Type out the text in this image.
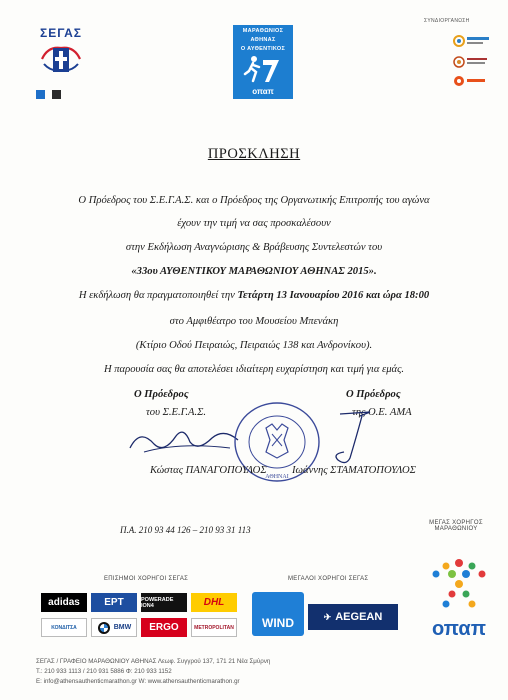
ΣΕΓΑΣ	ΜΑΡΑΘΩΝΙΟΣ
ΑΘΗΝΑΣ
Ο ΑΥΘΕΝΤΙΚΟΣ
οπαπ
ΣΥΝΔΙΟΡΓΑΝΩΣΗ
ΠΡΟΣΚΛΗΣΗ
Ο Πρόεδρος του Σ.Ε.Γ.Α.Σ. και ο Πρόεδρος της Οργανωτικής Επιτροπής του αγώνα
έχουν την τιμή να σας προσκαλέσουν
στην Εκδήλωση Αναγνώρισης & Βράβευσης Συντελεστών του
«33ου ΑΥΘΕΝΤΙΚΟΥ ΜΑΡΑΘΩΝΙΟΥ ΑΘΗΝΑΣ 2015».
Η εκδήλωση θα πραγματοποιηθεί την Τετάρτη 13 Ιανουαρίου 2016 και ώρα 18:00
στο Αμφιθέατρο του Μουσείου Μπενάκη
(Κτίριο Οδού Πειραιώς, Πειραιώς 138 και Ανδρονίκου).
Η παρουσία σας θα αποτελέσει ιδιαίτερη ευχαρίστηση και τιμή για εμάς.
Ο Πρόεδρος
του Σ.Ε.Γ.Α.Σ.
Ο Πρόεδρος
της Ο.Ε. ΑΜΑ
ΑΘΗΝΑΙ
Κώστας ΠΑΝΑΓΟΠΟΥΛΟΣ Ιωάννης ΣΤΑΜΑΤΟΠΟΥΛΟΣ
Π.Α. 210 93 44 126 – 210 93 31 113
ΕΠΙΣΗΜΟΙ ΧΟΡΗΓΟΙ ΣΕΓΑΣ	ΜΕΓΑΛΟΙ ΧΟΡΗΓΟΙ ΣΕΓΑΣ
ΜΕΓΑΣ ΧΟΡΗΓΟΣ ΜΑΡΑΘΩΝΙΟΥ
adidas	ΕΡΤ	POWERADE ION4	DHL
ΚΟΝΔΙΤΣΑ	BMW	ERGO	METROPOLITAN WIND	✈ AEGEAN
οπαπ
ΣΕΓΑΣ / ΓΡΑΦΕΙΟ ΜΑΡΑΘΩΝΙΟΥ ΑΘΗΝΑΣ Λεωφ. Συγγρού 137, 171 21 Νέα Σμύρνη
Τ.: 210 933 1113 / 210 931 5886 Φ: 210 933 1152
E: info@athensauthenticmarathon.gr W: www.athensauthenticmarathon.gr
